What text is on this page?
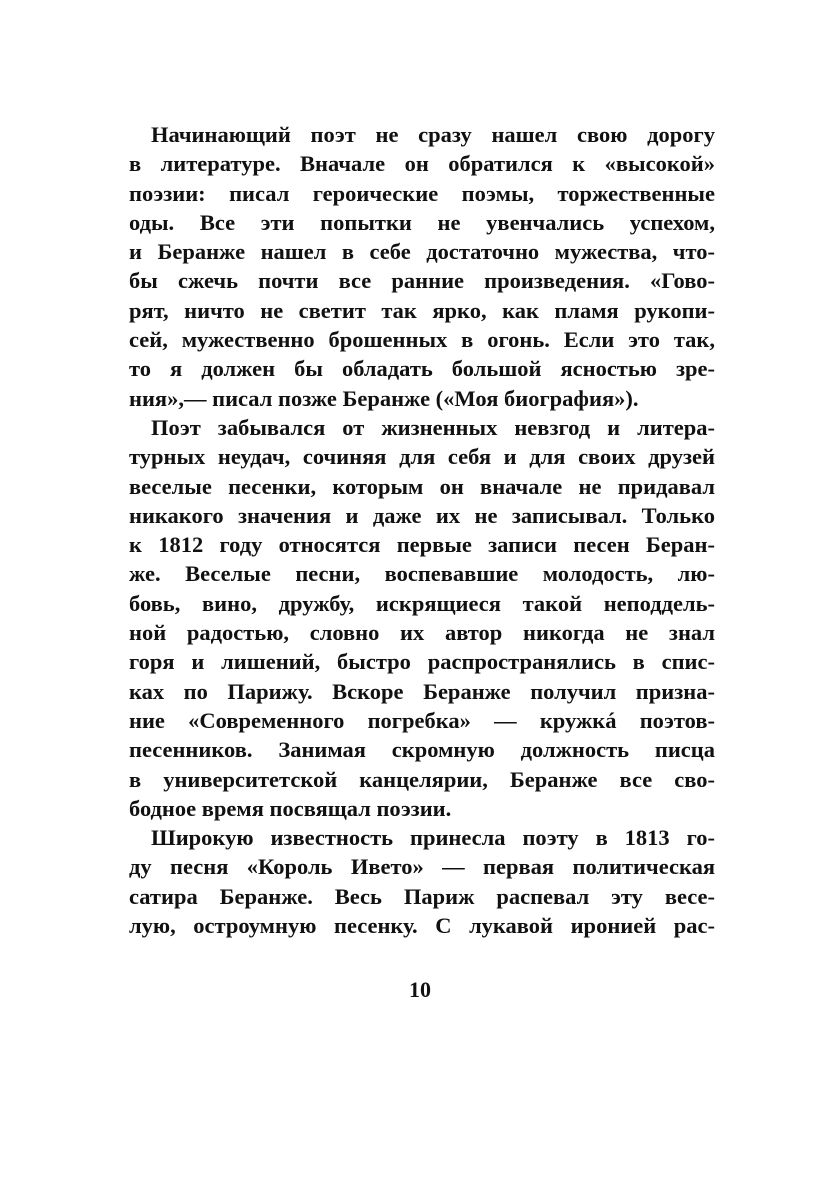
Начинающий поэт не сразу нашел свою дорогу
в литературе. Вначале он обратился к «высокой»
поэзии: писал героические поэмы, торжественные
оды. Все эти попытки не увенчались успехом,
и Беранже нашел в себе достаточно мужества, что-
бы сжечь почти все ранние произведения. «Гово-
рят, ничто не светит так ярко, как пламя рукопи-
сей, мужественно брошенных в огонь. Если это так,
то я должен бы обладать большой ясностью зре-
ния»,— писал позже Беранже («Моя биография»).
Поэт забывался от жизненных невзгод и литера-
турных неудач, сочиняя для себя и для своих друзей
веселые песенки, которым он вначале не придавал
никакого значения и даже их не записывал. Только
к 1812 году относятся первые записи песен Беран-
же. Веселые песни, воспевавшие молодость, лю-
бовь, вино, дружбу, искрящиеся такой неподдель-
ной радостью, словно их автор никогда не знал
горя и лишений, быстро распространялись в спис-
ках по Парижу. Вскоре Беранже получил призна-
ние «Современного погребка» — кружкá поэтов-
песенников. Занимая скромную должность писца
в университетской канцелярии, Беранже все сво-
бодное время посвящал поэзии.
Широкую известность принесла поэту в 1813 го-
ду песня «Король Ивето» — первая политическая
сатира Беранже. Весь Париж распевал эту весе-
лую, остроумную песенку. С лукавой иронией рас-
10
